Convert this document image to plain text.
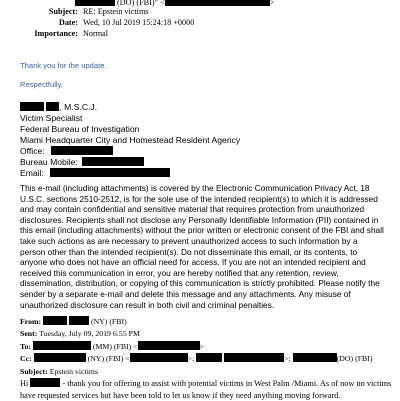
(DO) (FBI)" <	>
Subject: RE: Epstein victims
Date: Wed, 10 Jul 2019 15:24:18 +0000
Importance: Normal
Thank you for the update.
Respectfully,
, M.S.C.J.
Victim Specialist
Federal Bureau of Investigation
Miami Headquarter City and Homestead Resident Agency
Office:
Bureau Mobile:
Email:
This e-mail (including attachments) is covered by the Electronic Communication Privacy Act, 18 U.S.C. sections 2510-2512, is for the sole use of the intended recipient(s) to which it is addressed and may contain confidential and sensitive material that requires protection from unauthorized disclosures. Recipients shall not disclose any Personally Identifiable Information (PII) contained in this email (including attachments) without the prior written or electronic consent of the FBI and shall take such actions as are necessary to prevent unauthorized access to such information by a person other than the intended recipient(s). Do not disseminate this email, or its contents, to anyone who does not have an official need for access. If you are not an intended recipient and received this communication in error, you are hereby notified that any retention, review, dissemination, distribution, or copying of this communication is strictly prohibited. Please notify the sender by a separate e-mail and delete this message and any attachments. Any misuse of unauthorized disclosure can result in both civil and criminal penalties.
From:	(NY) (FBI)
Sent: Tuesday, July 09, 2019 6:55 PM
To:	(MM) (FBI) <	>
Cc:	(NY) (FBI) <	>;	>;	(DO) (FBI)
Subject: Epstein victims
Hi	- thank you for offering to assist with potential victims in West Palm /Miami. As of now no victims have requested services but have been told to let us know if they need anything moving forward.
